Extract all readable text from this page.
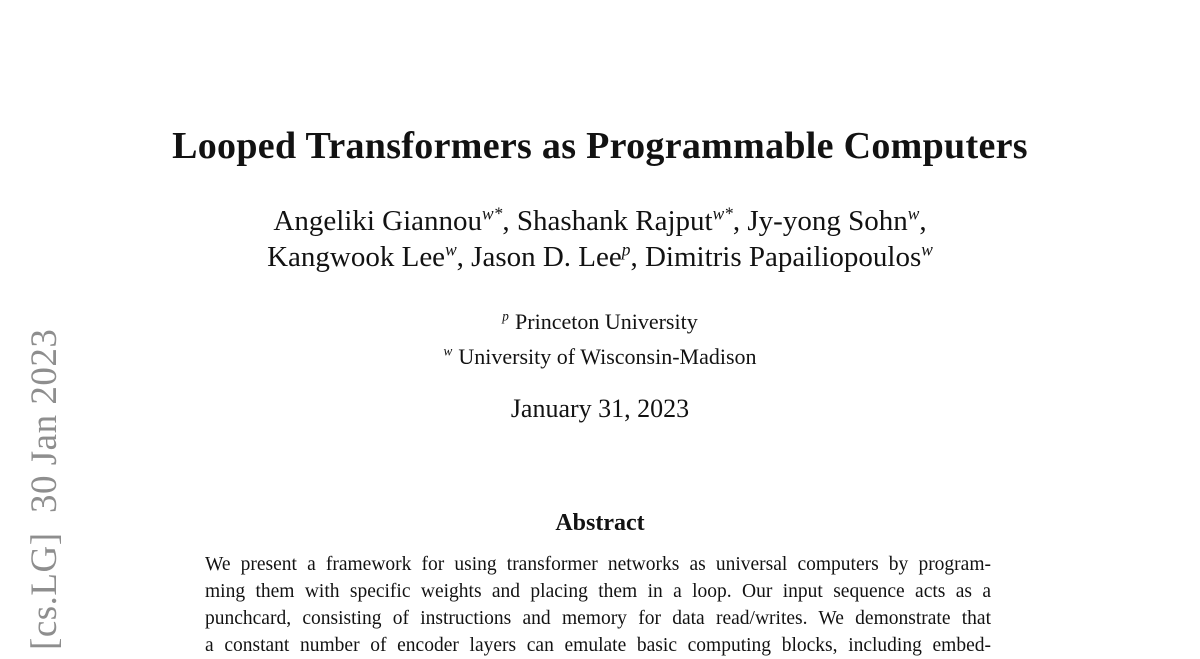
[cs.LG]  30 Jan 2023
Looped Transformers as Programmable Computers
Angeliki Giannou$^{w*}$, Shashank Rajput$^{w*}$, Jy-yong Sohn$^w$,
Kangwook Lee$^w$, Jason D. Lee$^p$, Dimitris Papailiopoulos$^w$
$^p$ Princeton University
$^w$ University of Wisconsin-Madison
January 31, 2023
Abstract
We present a framework for using transformer networks as universal computers by program-
ming them with specific weights and placing them in a loop. Our input sequence acts as a
punchcard, consisting of instructions and memory for data read/writes. We demonstrate that
a constant number of encoder layers can emulate basic computing blocks, including embed-
